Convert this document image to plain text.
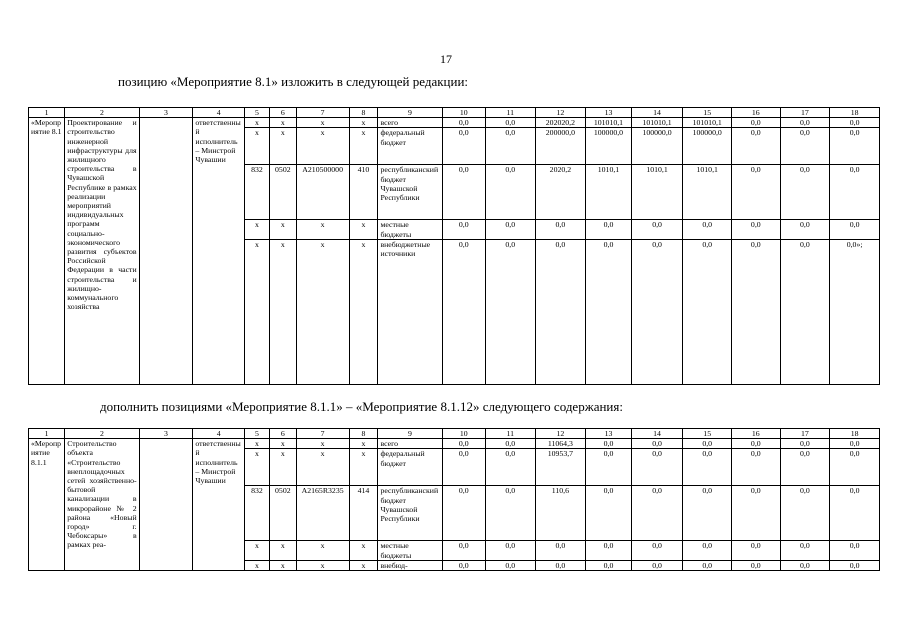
17
позицию «Мероприятие 8.1» изложить в следующей редакции:
1	2	3	4	5	6	7	8	9	10	11	12	13	14	15	16	17	18
«Мероприятие 8.1	Проектирование и строительство инженерной инфраструктуры для жилищного строительства в Чувашской Республике в рамках реализации мероприятий индивидуальных программ социально-экономического развития субъектов Российской Федерации в части строительства и жилищно-коммунального хозяйства		ответственный исполнитель – Минстрой Чувашии	x	x	x	x	всего	0,0	0,0	202020,2	101010,1	101010,1	101010,1	0,0	0,0	0,0
				x	x	x	x	федеральный бюджет	0,0	0,0	200000,0	100000,0	100000,0	100000,0	0,0	0,0	0,0
				832	0502	A210500000	410	республиканский бюджет Чувашской Республики	0,0	0,0	2020,2	1010,1	1010,1	1010,1	0,0	0,0	0,0
				x	x	x	x	местные бюджеты	0,0	0,0	0,0	0,0	0,0	0,0	0,0	0,0	0,0
				x	x	x	x	внебюджетные источники	0,0	0,0	0,0	0,0	0,0	0,0	0,0	0,0	0,0»;
дополнить позициями «Мероприятие 8.1.1» – «Мероприятие 8.1.12» следующего содержания:
1	2	3	4	5	6	7	8	9	10	11	12	13	14	15	16	17	18
«Мероприятие 8.1.1	Строительство объекта «Строительство внеплощадочных сетей хозяйственно-бытовой канализации в микрорайоне № 2 района «Новый город» г. Чебоксары» в рамках реа-		ответственный исполнитель – Минстрой Чувашии	x	x	x	x	всего	0,0	0,0	11064,3	0,0	0,0	0,0	0,0	0,0	0,0
				x	x	x	x	федеральный бюджет	0,0	0,0	10953,7	0,0	0,0	0,0	0,0	0,0	0,0
				832	0502	A2165R3235	414	республиканский бюджет Чувашской Республики	0,0	0,0	110,6	0,0	0,0	0,0	0,0	0,0	0,0
				x	x	x	x	местные бюджеты	0,0	0,0	0,0	0,0	0,0	0,0	0,0	0,0	0,0
				x	x	x	x	внебюд-	0,0	0,0	0,0	0,0	0,0	0,0	0,0	0,0	0,0
